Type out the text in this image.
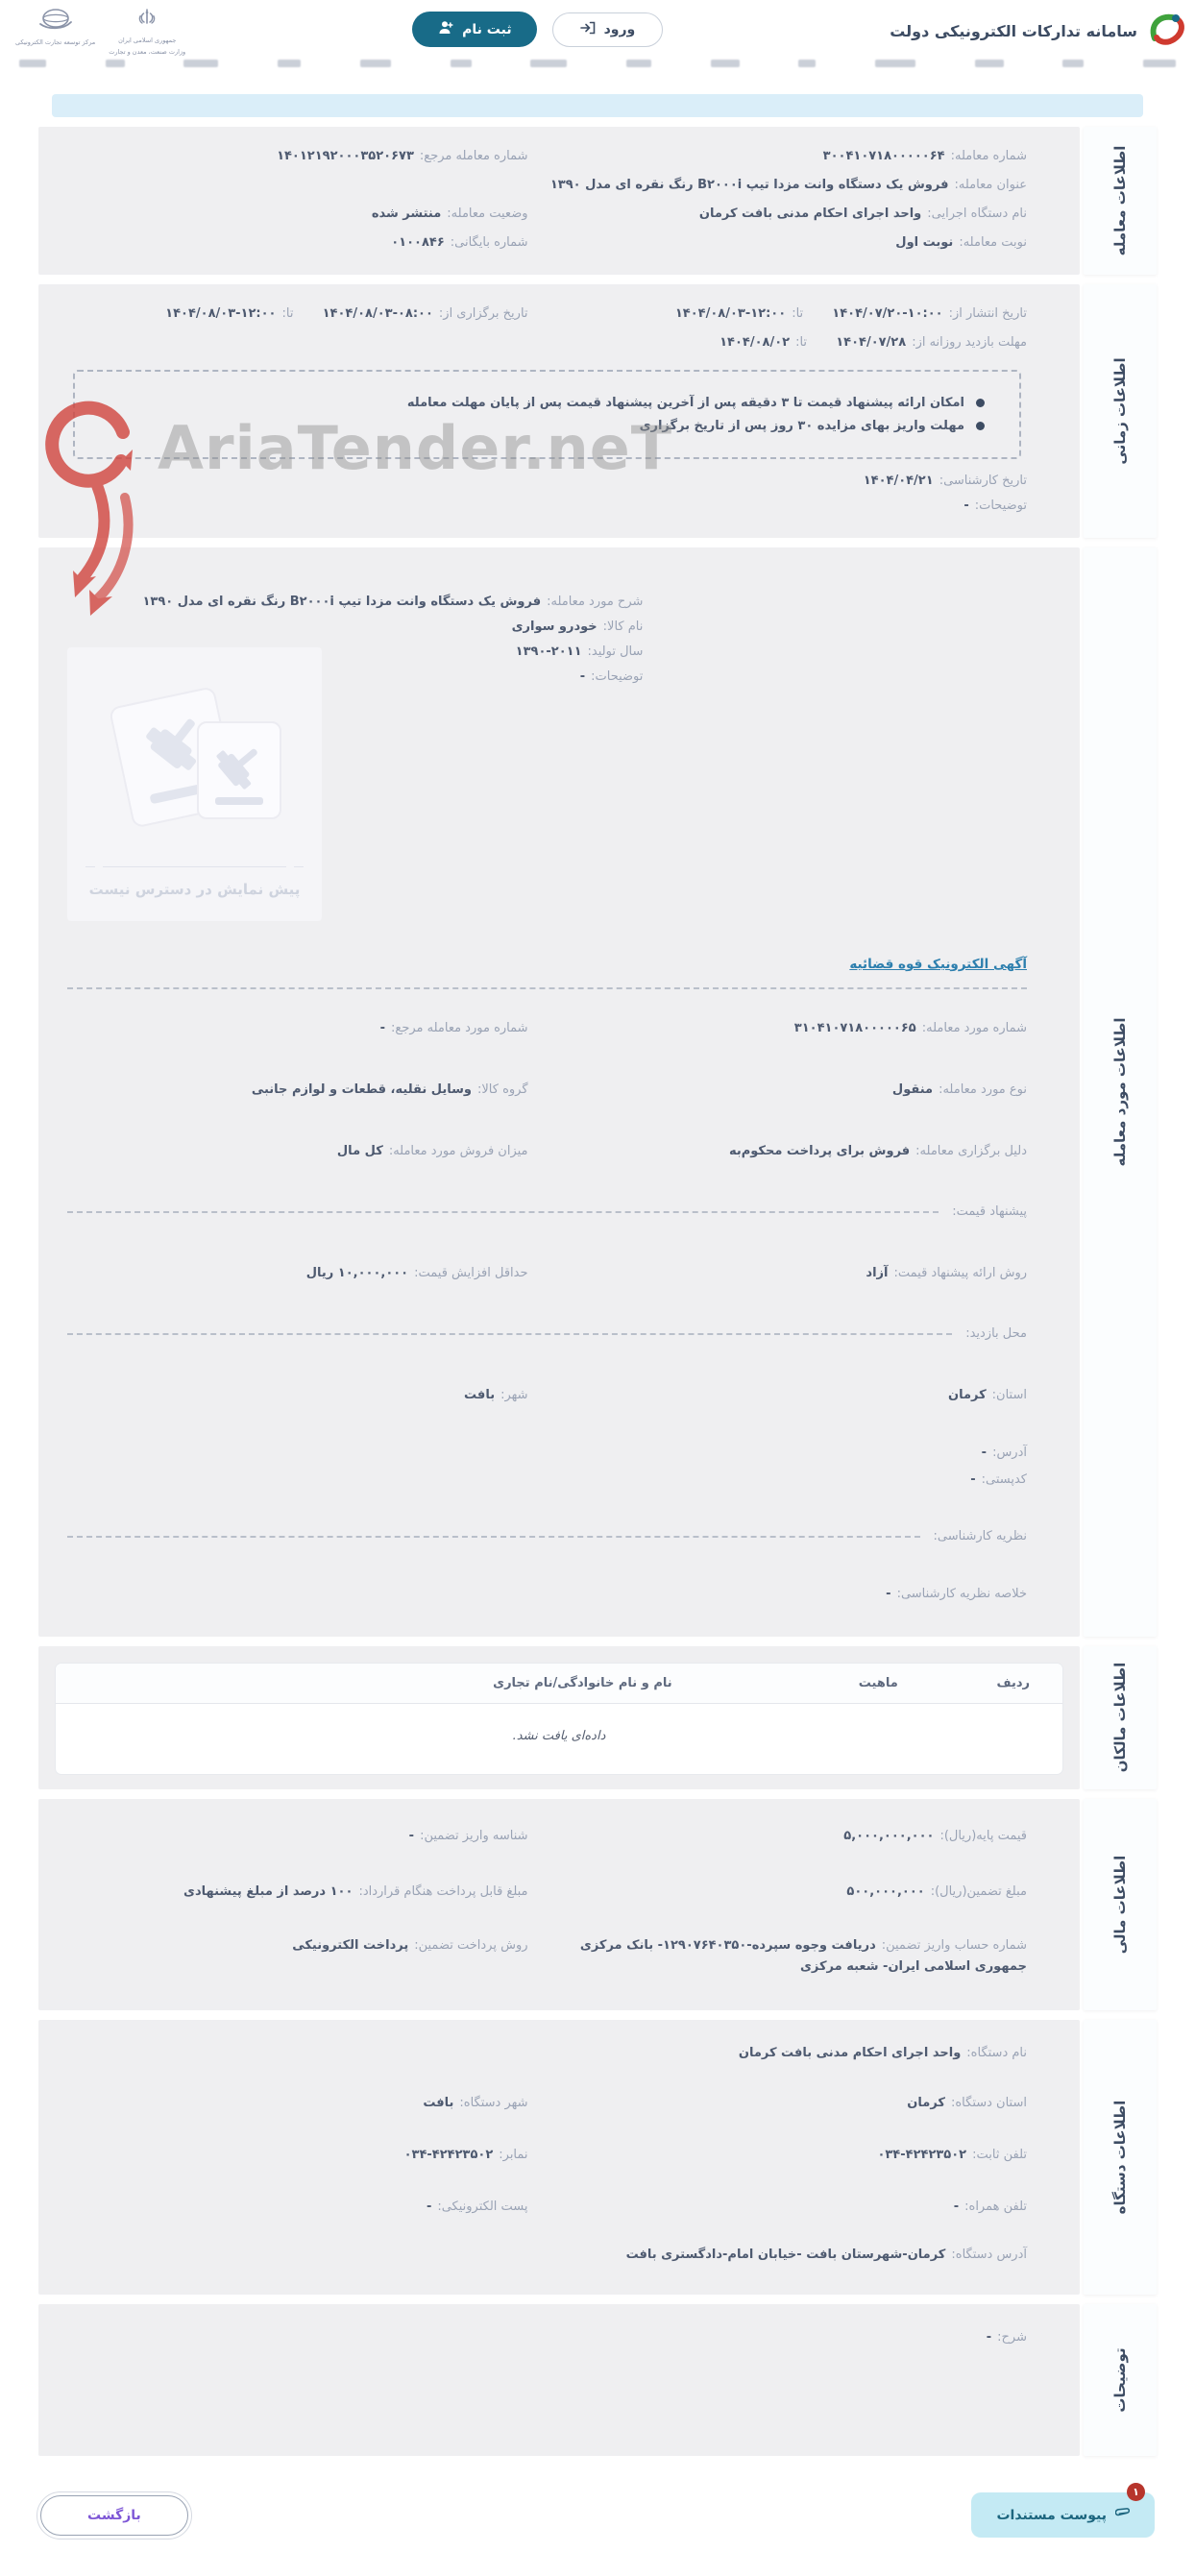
سامانه تدارکات الکترونیکی دولت
ورود
ثبت نام
جمهوری اسلامی ایران
وزارت صنعت، معدن و تجارت
مرکز توسعه تجارت الکترونیکی
AriaTender.neT
اطلاعات معامله
شماره معامله:۳۰۰۴۱۰۷۱۸۰۰۰۰۰۶۴
شماره معامله مرجع:۱۴۰۱۲۱۹۲۰۰۰۳۵۲۰۶۷۳
عنوان معامله:فروش یک دستگاه وانت مزدا تیپ B۲۰۰۰i رنگ نقره ای مدل ۱۳۹۰
نام دستگاه اجرایی:واحد اجرای احکام مدنی بافت کرمان
وضعیت معامله:منتشر شده
نوبت معامله:نوبت اول
شماره بایگانی:۰۱۰۰۸۴۶
اطلاعات زمانی
تاریخ انتشار از:۱۴۰۴/۰۷/۲۰-۱۰:۰۰ تا:۱۴۰۴/۰۸/۰۳-۱۲:۰۰
تاریخ برگزاری از:۱۴۰۴/۰۸/۰۳-۰۸:۰۰ تا:۱۴۰۴/۰۸/۰۳-۱۲:۰۰
مهلت بازدید روزانه از:۱۴۰۴/۰۷/۲۸ تا:۱۴۰۴/۰۸/۰۲
امکان ارائه پیشنهاد قیمت تا ۳ دقیقه پس از آخرین پیشنهاد قیمت پس از پایان مهلت معامله
مهلت واریز بهای مزایده ۳۰ روز پس از تاریخ برگزاری
تاریخ کارشناسی:۱۴۰۴/۰۴/۲۱
توضیحات:-
اطلاعات مورد معامله
شرح مورد معامله:فروش یک دستگاه وانت مزدا تیپ B۲۰۰۰i رنگ نقره ای مدل ۱۳۹۰
نام کالا:خودرو سواری
سال تولید:۱۳۹۰-۲۰۱۱
توضیحات:-
پیش نمایش در دسترس نیست
آگهی الکترونیک قوه قضائیه
شماره مورد معامله:۳۱۰۴۱۰۷۱۸۰۰۰۰۰۶۵
شماره مورد معامله مرجع:-
نوع مورد معامله:منقول
گروه کالا:وسایل نقلیه، قطعات و لوازم جانبی
دلیل برگزاری معامله:فروش برای پرداخت محکوم‌به
میزان فروش مورد معامله:کل مال
پیشنهاد قیمت:
روش ارائه پیشنهاد قیمت:آزاد
حداقل افزایش قیمت:۱۰,۰۰۰,۰۰۰ ریال
محل بازدید:
استان:کرمان
شهر:بافت
آدرس:-
کدپستی:-
نظریه کارشناسی:
خلاصه نظریه کارشناسی:-
اطلاعات مالکان
ردیف
ماهیت
نام و نام خانوادگی/نام تجاری
داده‌ای یافت نشد.
اطلاعات مالی
قیمت پایه(ریال):۵,۰۰۰,۰۰۰,۰۰۰
شناسه واریز تضمین:-
مبلغ تضمین(ریال):۵۰۰,۰۰۰,۰۰۰
مبلغ قابل پرداخت هنگام قرارداد:۱۰۰ درصد از مبلغ پیشنهادی
شماره حساب واریز تضمین:دریافت وجوه سپرده-۱۲۹۰۷۶۴۰۳۵۰- بانک مرکزی جمهوری اسلامی ایران- شعبه مرکزی
روش پرداخت تضمین:پرداخت الکترونیکی
اطلاعات دستگاه
نام دستگاه:واحد اجرای احکام مدنی بافت کرمان
استان دستگاه:کرمان
شهر دستگاه:بافت
تلفن ثابت:۰۳۴-۴۲۴۲۳۵۰۲
نمابر:۰۳۴-۴۲۴۲۳۵۰۲
تلفن همراه:-
پست الکترونیکی:-
آدرس دستگاه:کرمان-شهرستان بافت -خیابان امام-دادگستری بافت
توضیحات
شرح:-
۱
پیوست مستندات
بازگشت
